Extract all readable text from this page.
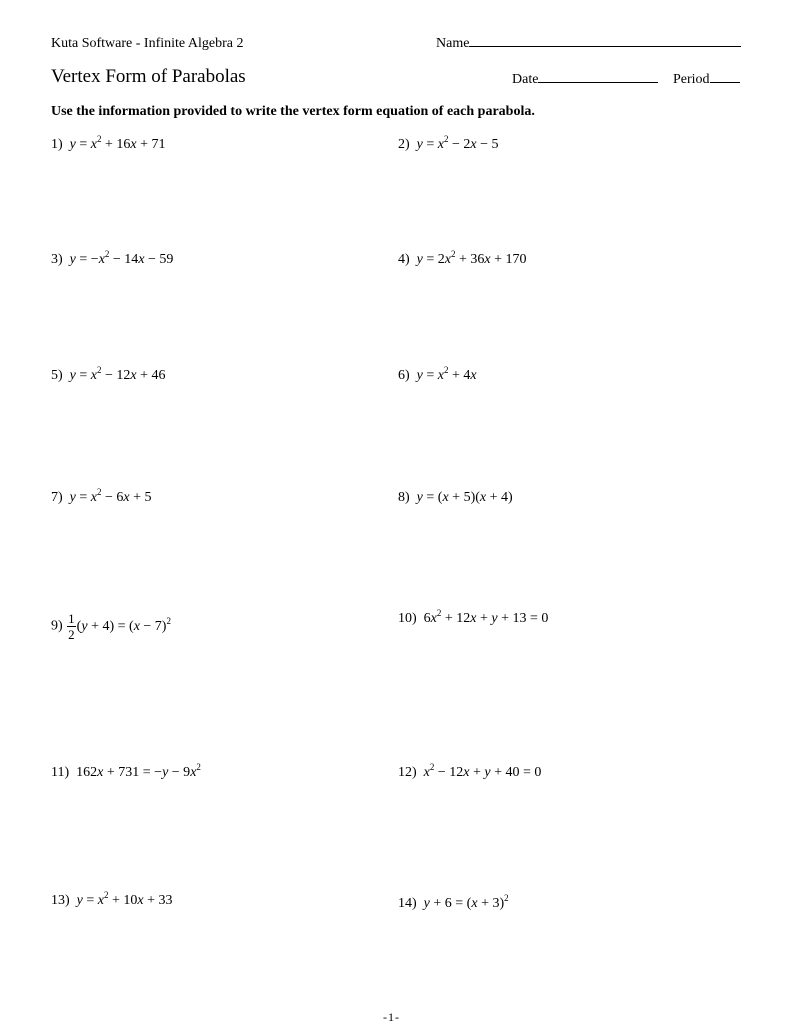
Kuta Software - Infinite Algebra 2	Name
Vertex Form of Parabolas	Date	Period
Use the information provided to write the vertex form equation of each parabola.
1) $y = x^2 + 16x + 71$	2) $y = x^2 - 2x - 5$
3) $y = -x^2 - 14x - 59$	4) $y = 2x^2 + 36x + 170$
5) $y = x^2 - 12x + 46$	6) $y = x^2 + 4x$
7) $y = x^2 - 6x + 5$	8) y = (x + 5)(x + 4)
$9) \frac{1}{2} (y + 4) = (x - 7)^2$	10) $6x^2 + 12x + y + 13 = 0$
11) $162x + 731 = -y - 9x^2$	12) $x^2 - 12x + y + 40 = 0$
13) $y = x^2 + 10x + 33$	14) $y + 6 = (x + 3)^2$
-1-
